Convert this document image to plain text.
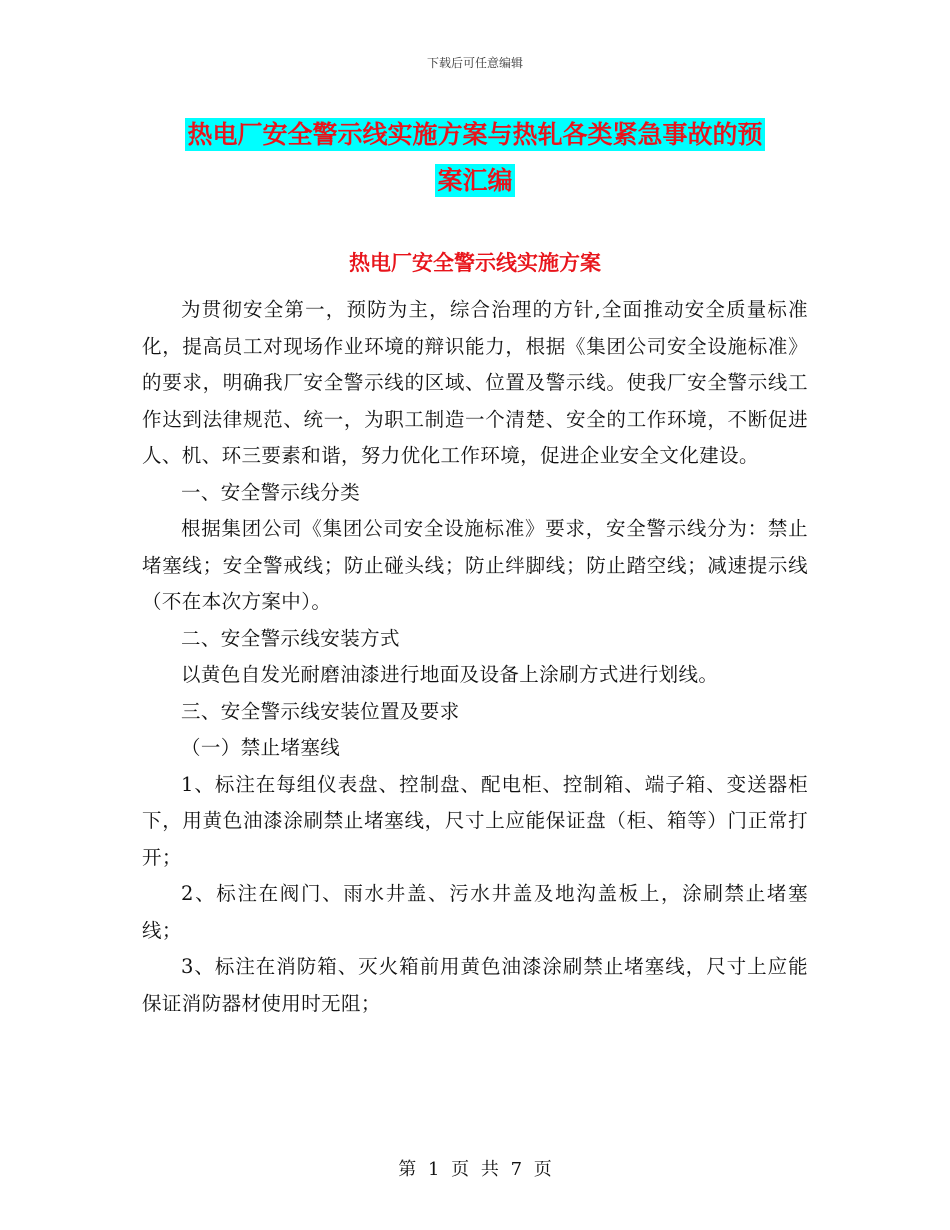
下载后可任意编辑
热电厂安全警示线实施方案与热轧各类紧急事故的预
案汇编
热电厂安全警示线实施方案

为贯彻安全第一，预防为主，综合治理的方针,全面推动安全质量标准化，提高员工对现场作业环境的辩识能力，根据《集团公司安全设施标准》的要求，明确我厂安全警示线的区域、位置及警示线。使我厂安全警示线工作达到法律规范、统一，为职工制造一个清楚、安全的工作环境，不断促进人、机、环三要素和谐，努力优化工作环境，促进企业安全文化建设。

一、安全警示线分类

根据集团公司《集团公司安全设施标准》要求，安全警示线分为：禁止堵塞线；安全警戒线；防止碰头线；防止绊脚线；防止踏空线；减速提示线（不在本次方案中）。

二、安全警示线安装方式

以黄色自发光耐磨油漆进行地面及设备上涂刷方式进行划线。

三、安全警示线安装位置及要求

（一）禁止堵塞线

1、标注在每组仪表盘、控制盘、配电柜、控制箱、端子箱、变送器柜下，用黄色油漆涂刷禁止堵塞线，尺寸上应能保证盘（柜、箱等）门正常打开；

2、标注在阀门、雨水井盖、污水井盖及地沟盖板上，涂刷禁止堵塞线；

3、标注在消防箱、灭火箱前用黄色油漆涂刷禁止堵塞线，尺寸上应能保证消防器材使用时无阻；

第 1 页 共 7 页
